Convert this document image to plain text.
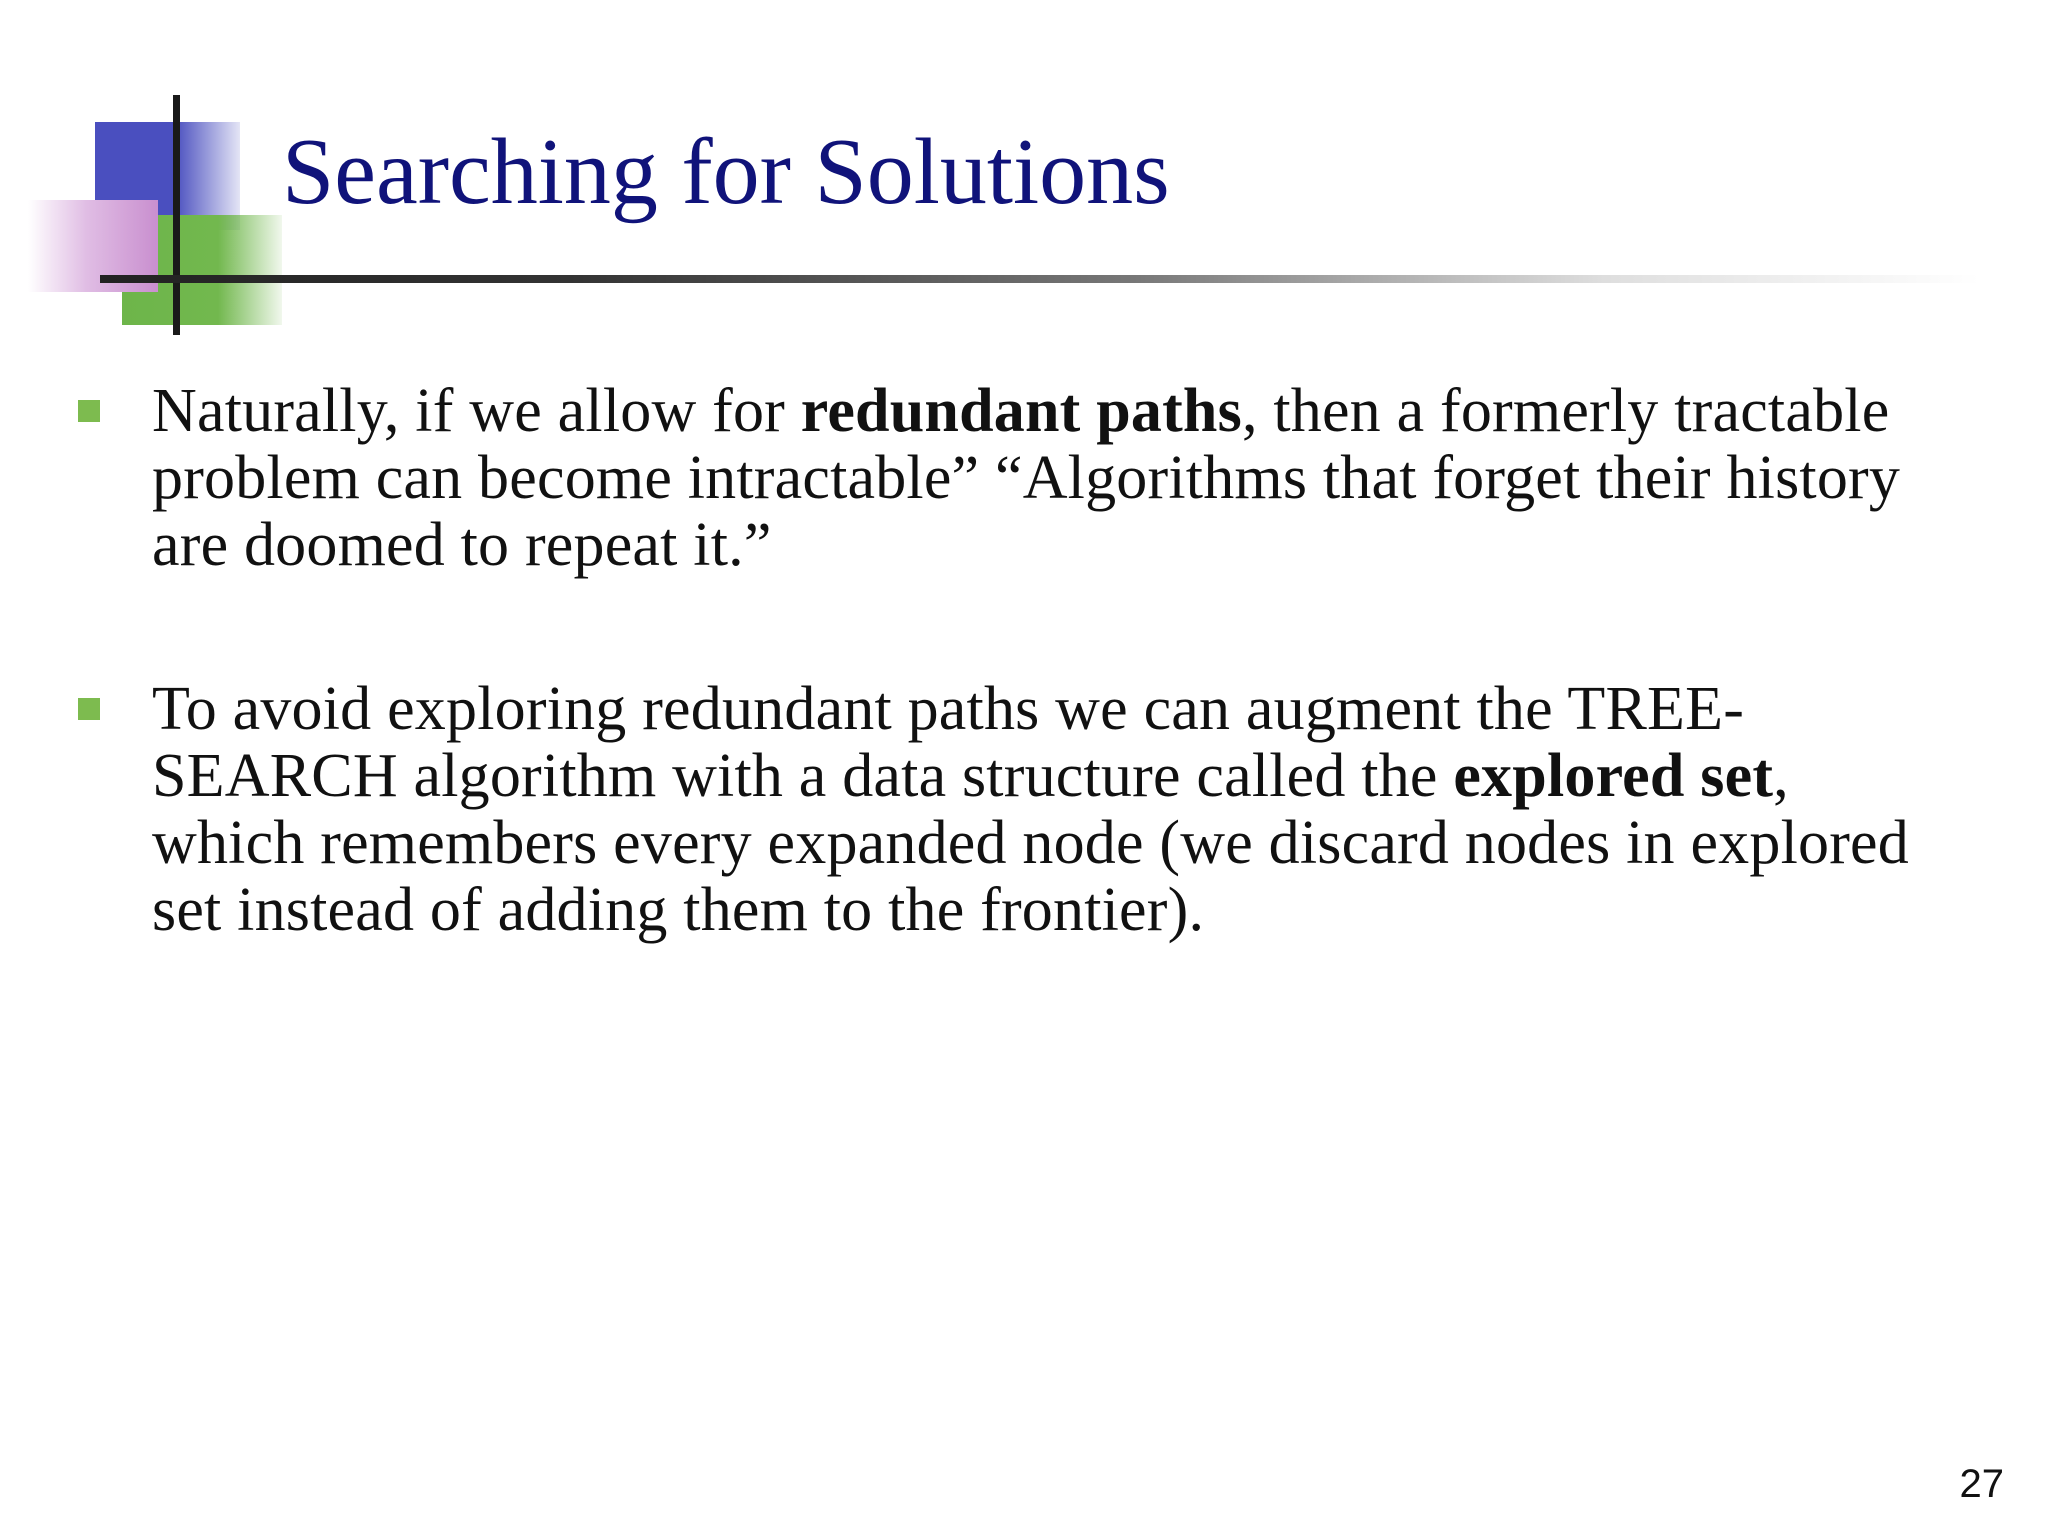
Searching for Solutions

Naturally, if we allow for redundant paths, then a formerly tractable problem can become intractable” “Algorithms that forget their history are doomed to repeat it.”

To avoid exploring redundant paths we can augment the TREE-SEARCH algorithm with a data structure called the explored set, which remembers every expanded node (we discard nodes in explored set instead of adding them to the frontier).

27
